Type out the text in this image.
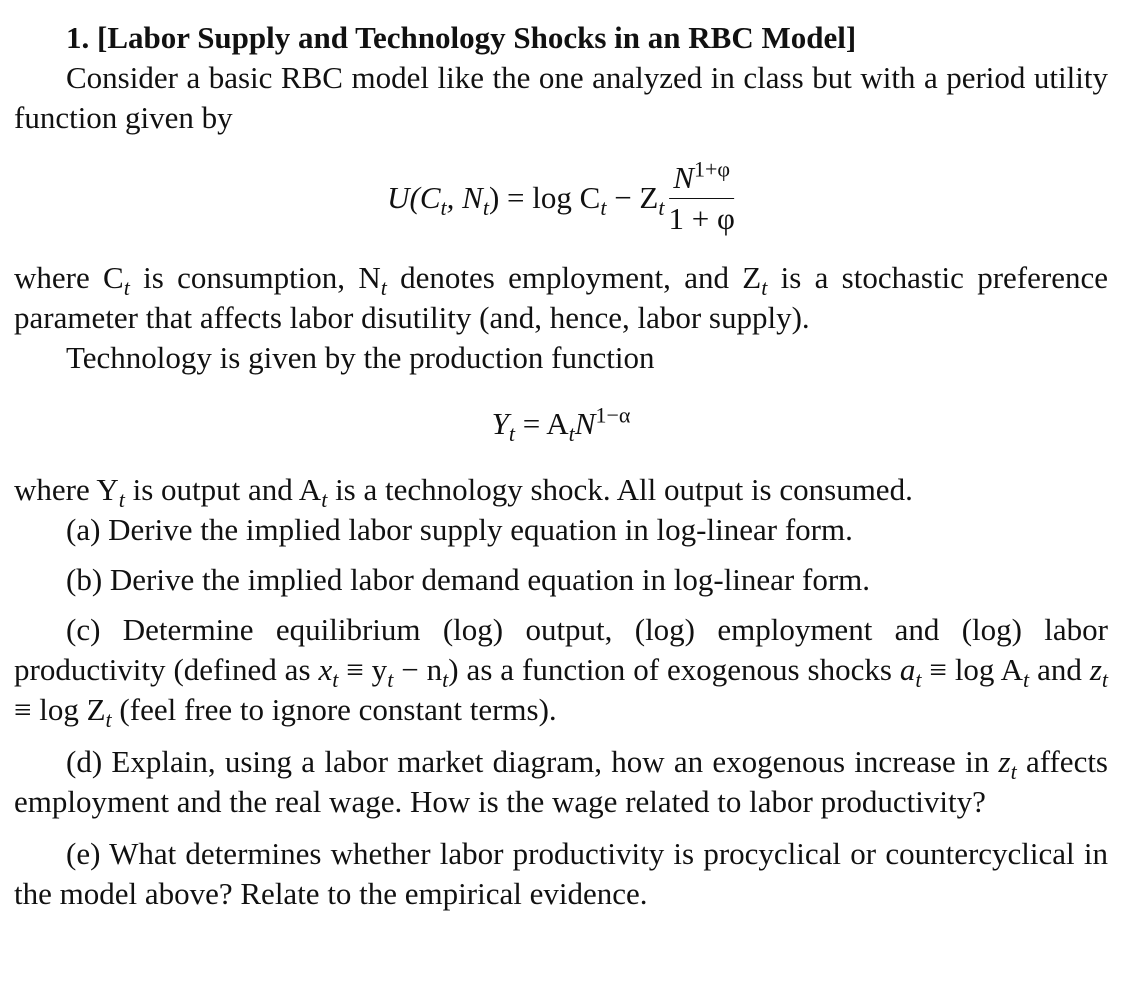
1. [Labor Supply and Technology Shocks in an RBC Model]

Consider a basic RBC model like the one analyzed in class but with a period utility function given by

$U(C_t$, $N_t) = \log C_t - Z_t \frac{N^{1+\varphi}}{1 + \varphi}$

where $C_t$ is consumption, $N_t$ denotes employment, and $Z_t$ is a stochastic preference parameter that affects labor disutility (and, hence, labor supply).

Technology is given by the production function

$Y_t = A_tN^{1-\alpha}$

where $Y_t$ is output and $A_t$ is a technology shock. All output is consumed.

(a) Derive the implied labor supply equation in log-linear form.

(b) Derive the implied labor demand equation in log-linear form.

(c) Determine equilibrium (log) output, (log) employment and (log) labor productivity (defined as $x_t \equiv y_t - n_t$) as a function of exogenous shocks $a_t \equiv \log A_t$ and $z_t \equiv \log Z_t$ (feel free to ignore constant terms).

(d) Explain, using a labor market diagram, how an exogenous increase in $z_t$ affects employment and the real wage. How is the wage related to labor productivity?

(e) What determines whether labor productivity is procyclical or countercyclical in the model above? Relate to the empirical evidence.
